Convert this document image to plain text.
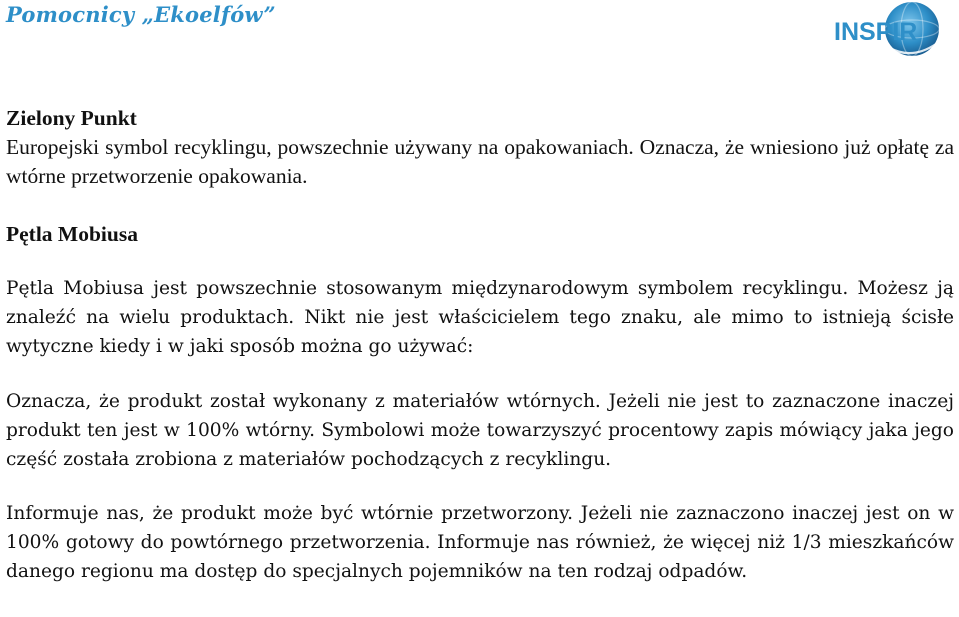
Pomocnicy „Ekoelfów”
INSPIR
Zielony Punkt

Europejski symbol recyklingu, powszechnie używany na opakowaniach. Oznacza, że wniesiono już opłatę za wtórne przetworzenie opakowania.

Pętla Mobiusa

Pętla Mobiusa jest powszechnie stosowanym międzynarodowym symbolem recyklingu. Możesz ją znaleźć na wielu produktach. Nikt nie jest właścicielem tego znaku, ale mimo to istnieją ścisłe wytyczne kiedy i w jaki sposób można go używać:

Oznacza, że produkt został wykonany z materiałów wtórnych. Jeżeli nie jest to zaznaczone inaczej produkt ten jest w 100% wtórny. Symbolowi może towarzyszyć procentowy zapis mówiący jaka jego część została zrobiona z materiałów pochodzących z recyklingu.

Informuje nas, że produkt może być wtórnie przetworzony. Jeżeli nie zaznaczono inaczej jest on w 100% gotowy do powtórnego przetworzenia. Informuje nas również, że więcej niż 1/3 mieszkańców danego regionu ma dostęp do specjalnych pojemników na ten rodzaj odpadów.
